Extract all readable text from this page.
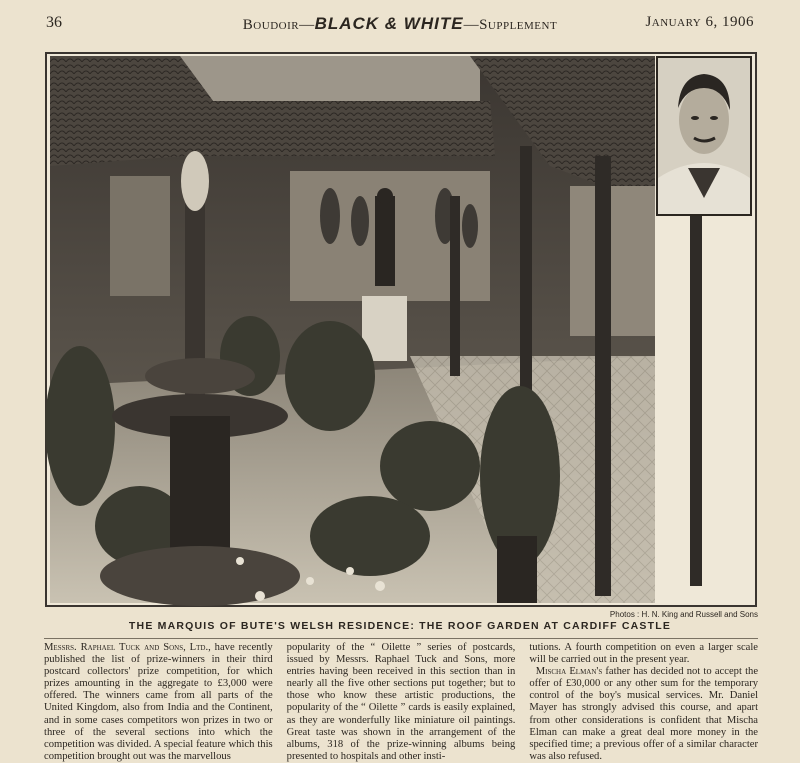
36	Boudoir—BLACK & WHITE—Supplement	January 6, 1906
Photos : H. N. King and Russell and Sons
THE MARQUIS OF BUTE'S WELSH RESIDENCE: THE ROOF GARDEN AT CARDIFF CASTLE
Messrs. Raphael Tuck and Sons, Ltd., have recently published the list of prize-winners in their third postcard collectors' prize competition, for which prizes amounting in the aggregate to £3,000 were offered. The winners came from all parts of the United Kingdom, also from India and the Continent, and in some cases competitors won prizes in two or three of the several sections into which the competition was divided. A special feature which this competition brought out was the marvellous
popularity of the “ Oilette ” series of postcards, issued by Messrs. Raphael Tuck and Sons, more entries having been received in this section than in nearly all the five other sections put together; but to those who know these artistic productions, the popularity of the “ Oilette ” cards is easily explained, as they are wonderfully like miniature oil paintings. Great taste was shown in the arrangement of the albums, 318 of the prize-winning albums being presented to hospitals and other insti-
tutions. A fourth competition on even a larger scale will be carried out in the present year.
Mischa Elman's father has decided not to accept the offer of £30,000 or any other sum for the temporary control of the boy's musical services. Mr. Daniel Mayer has strongly advised this course, and apart from other considerations is confident that Mischa Elman can make a great deal more money in the specified time; a previous offer of a similar character was also refused.
